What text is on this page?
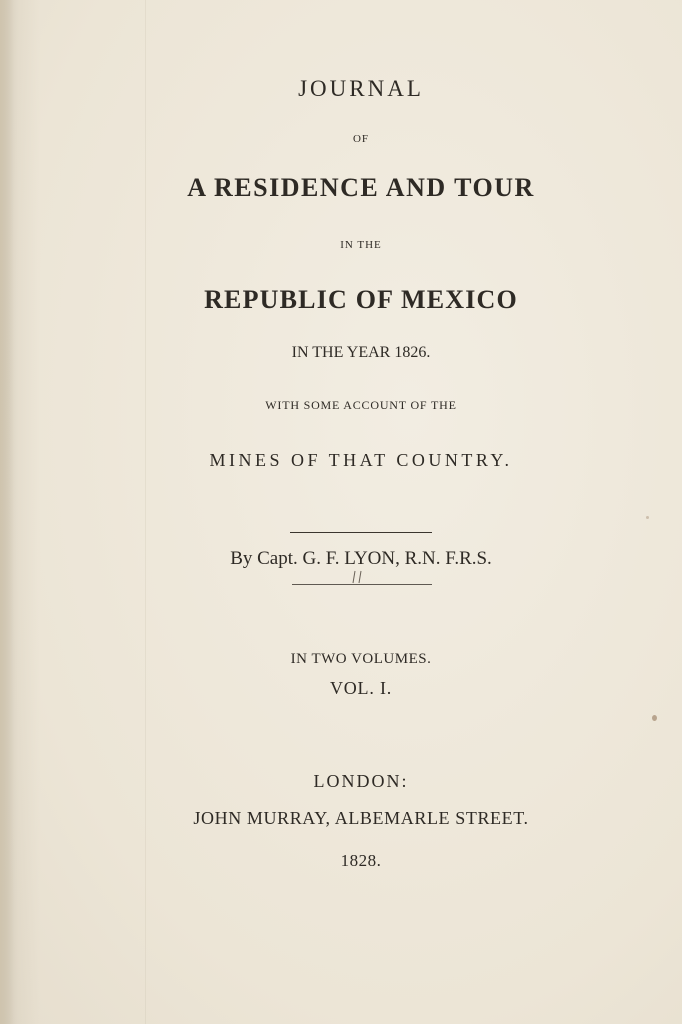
JOURNAL
OF
A RESIDENCE AND TOUR
IN THE
REPUBLIC OF MEXICO
IN THE YEAR 1826.
WITH SOME ACCOUNT OF THE
MINES OF THAT COUNTRY.
By Capt. G. F. LYON, R.N. F.R.S.
IN TWO VOLUMES.
VOL. I.
LONDON:
JOHN MURRAY, ALBEMARLE STREET.
1828.
